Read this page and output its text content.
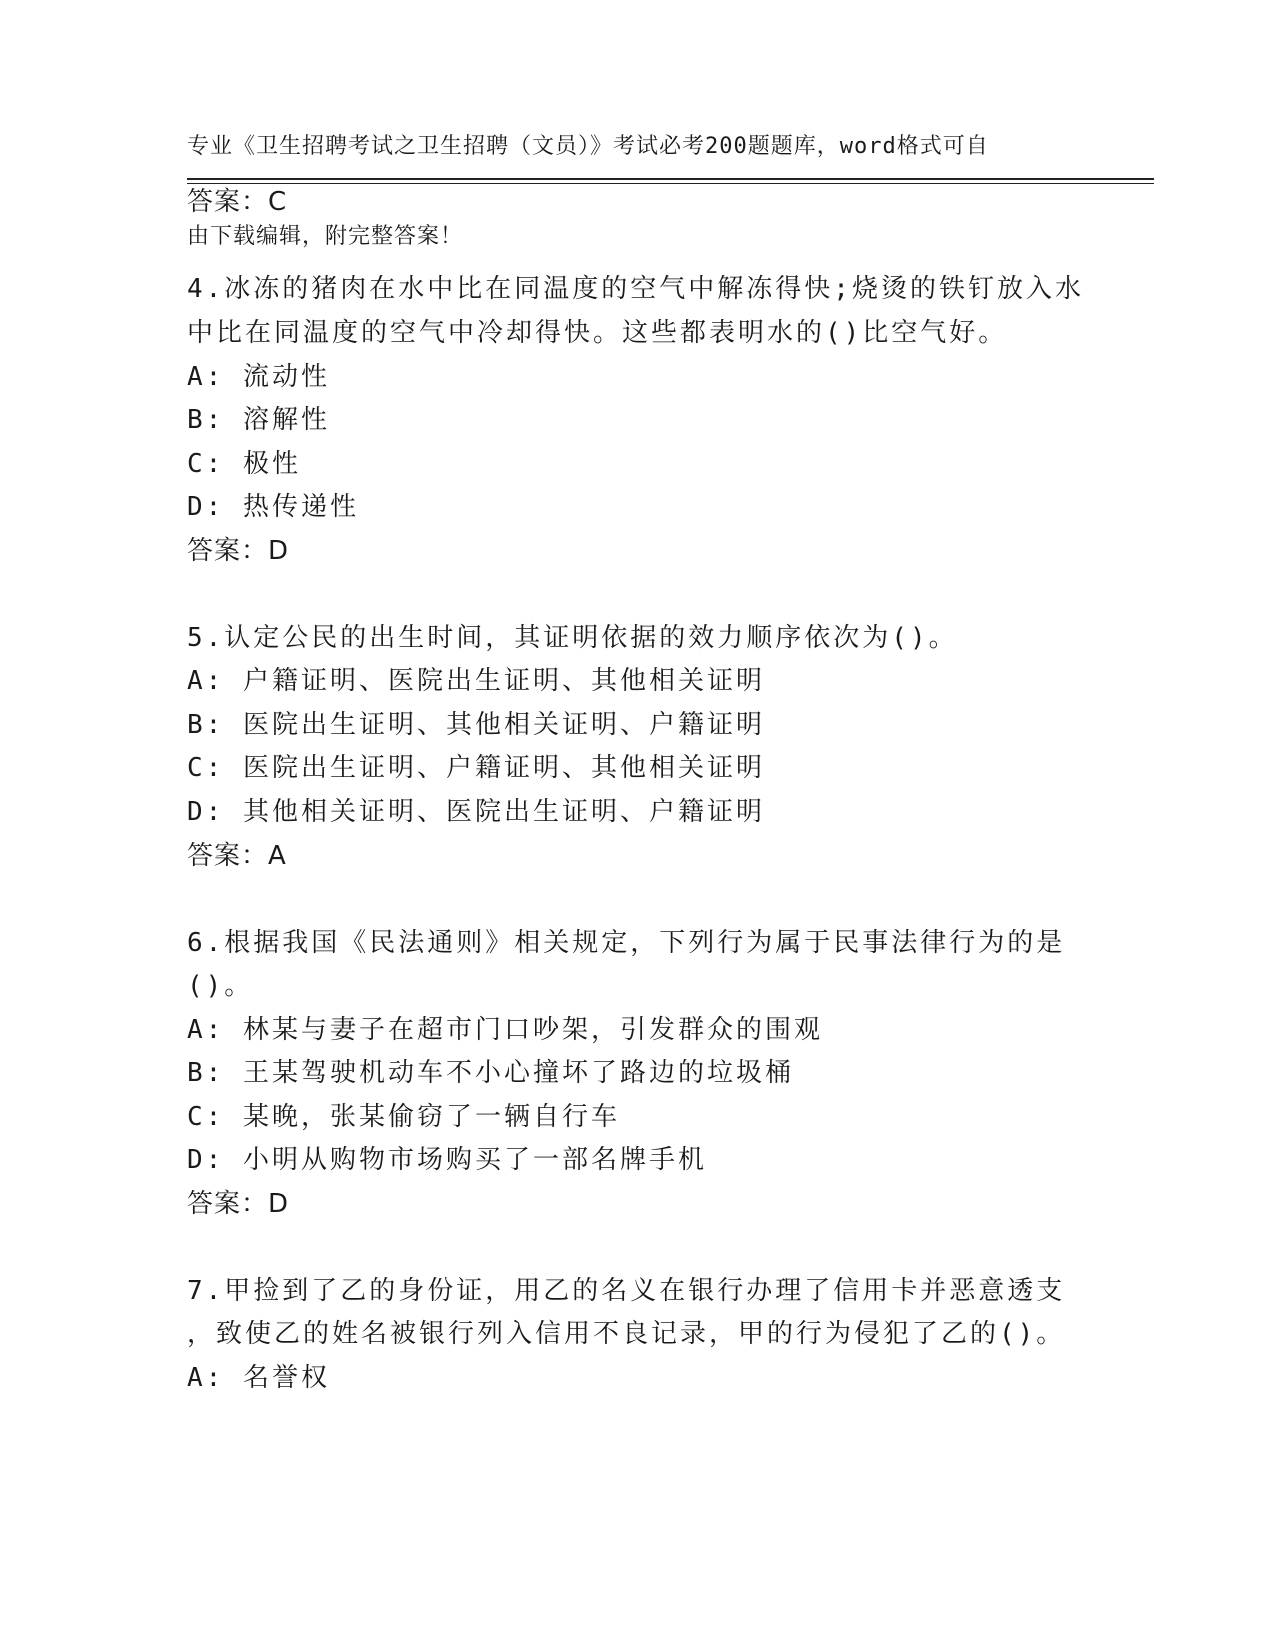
专业《卫生招聘考试之卫生招聘（文员）》考试必考200题题库，word格式可自

由下载编辑，附完整答案！

答案：C
4.冰冻的猪肉在水中比在同温度的空气中解冻得快;烧烫的铁钉放入水
中比在同温度的空气中冷却得快。这些都表明水的()比空气好。
A: 流动性
B: 溶解性
C: 极性
D: 热传递性
答案：D
5.认定公民的出生时间，其证明依据的效力顺序依次为()。
A: 户籍证明、医院出生证明、其他相关证明
B: 医院出生证明、其他相关证明、户籍证明
C: 医院出生证明、户籍证明、其他相关证明
D: 其他相关证明、医院出生证明、户籍证明
答案：A
6.根据我国《民法通则》相关规定，下列行为属于民事法律行为的是
()。
A: 林某与妻子在超市门口吵架，引发群众的围观
B: 王某驾驶机动车不小心撞坏了路边的垃圾桶
C: 某晚，张某偷窃了一辆自行车
D: 小明从购物市场购买了一部名牌手机
答案：D
7.甲捡到了乙的身份证，用乙的名义在银行办理了信用卡并恶意透支
，致使乙的姓名被银行列入信用不良记录，甲的行为侵犯了乙的()。
A: 名誉权
